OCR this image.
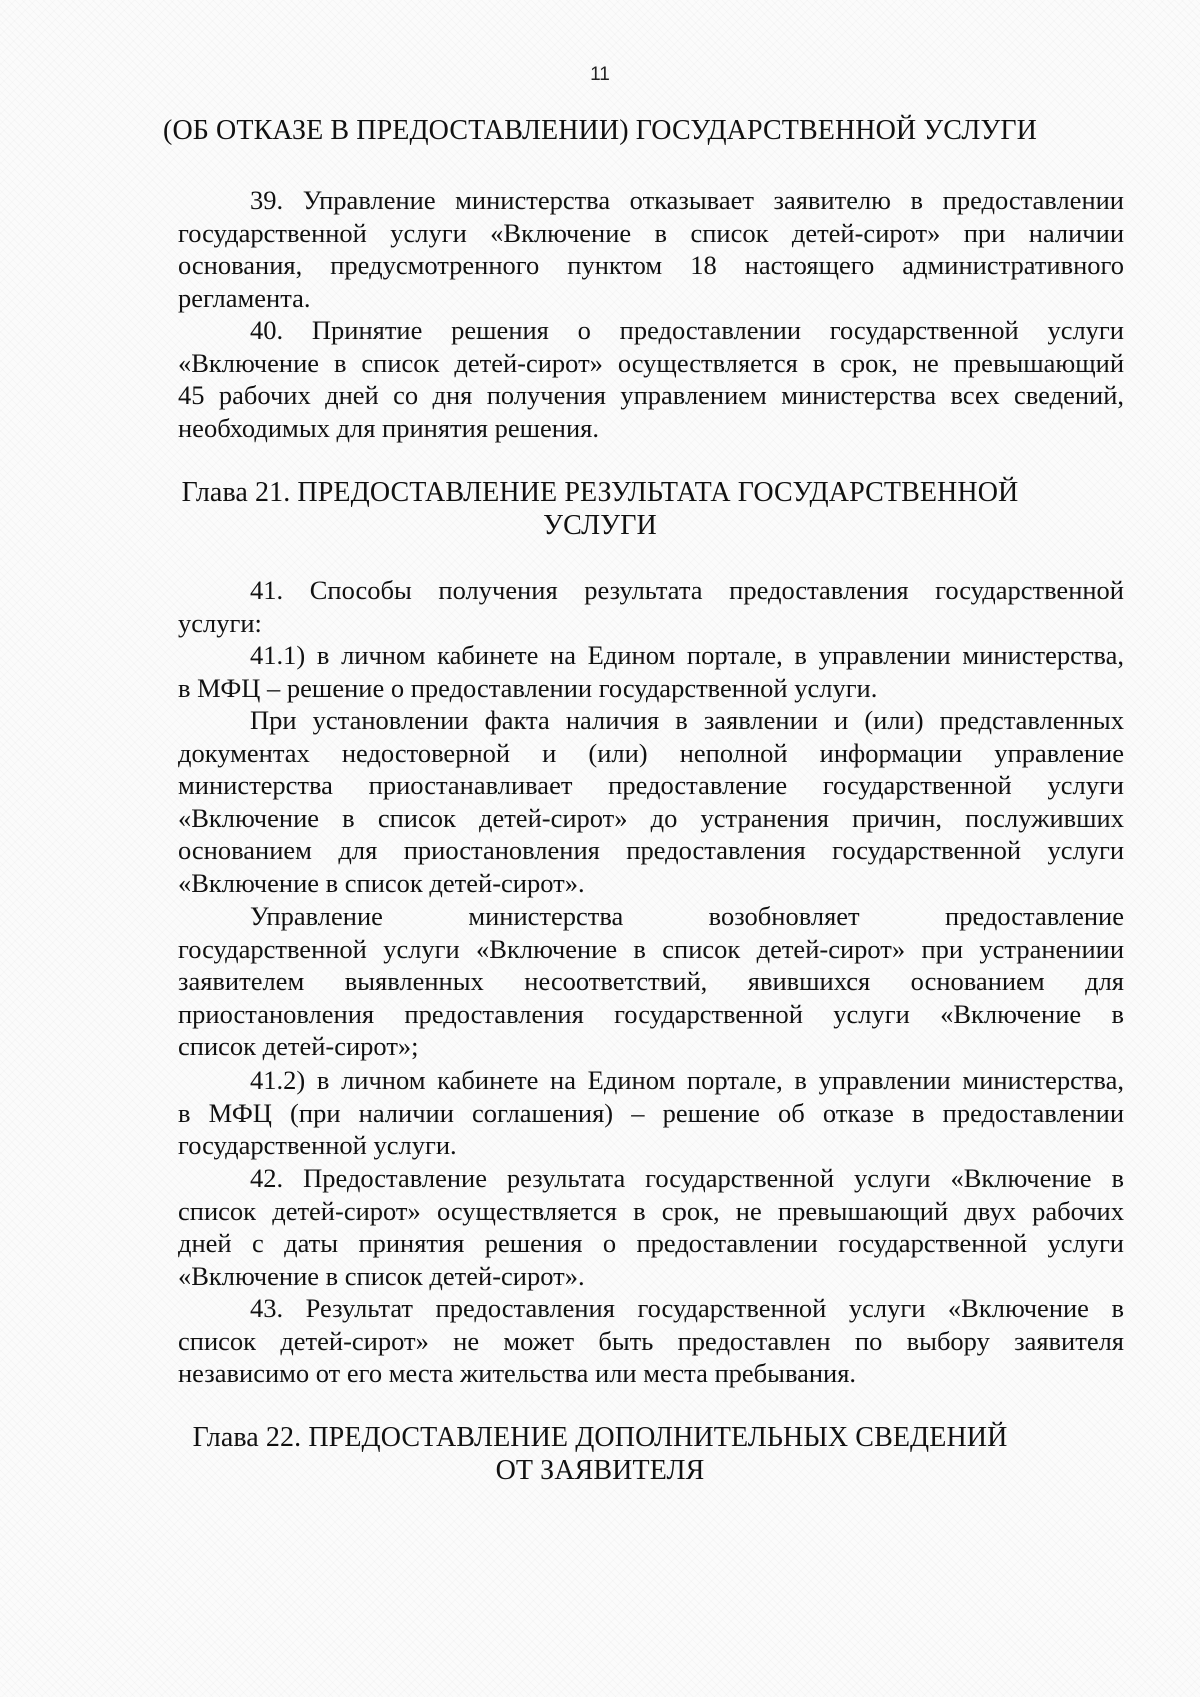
11
(ОБ ОТКАЗЕ В ПРЕДОСТАВЛЕНИИ) ГОСУДАРСТВЕННОЙ УСЛУГИ
39. Управление министерства отказывает заявителю в предоставлении
государственной услуги «Включение в список детей-сирот» при наличии
основания, предусмотренного пунктом 18 настоящего административного
регламента.
40. Принятие решения о предоставлении государственной услуги
«Включение в список детей-сирот» осуществляется в срок, не превышающий
45 рабочих дней со дня получения управлением министерства всех сведений,
необходимых для принятия решения.
Глава 21. ПРЕДОСТАВЛЕНИЕ РЕЗУЛЬТАТА ГОСУДАРСТВЕННОЙ
УСЛУГИ
41. Способы получения результата предоставления государственной
услуги:
41.1) в личном кабинете на Едином портале, в управлении министерства,
в МФЦ – решение о предоставлении государственной услуги.
При установлении факта наличия в заявлении и (или) представленных
документах недостоверной и (или) неполной информации управление
министерства приостанавливает предоставление государственной услуги
«Включение в список детей-сирот» до устранения причин, послуживших
основанием для приостановления предоставления государственной услуги
«Включение в список детей-сирот».
Управление министерства возобновляет предоставление
государственной услуги «Включение в список детей-сирот» при устранениии
заявителем выявленных несоответствий, явившихся основанием для
приостановления предоставления государственной услуги «Включение в
список детей-сирот»;
41.2) в личном кабинете на Едином портале, в управлении министерства,
в МФЦ (при наличии соглашения) – решение об отказе в предоставлении
государственной услуги.
42. Предоставление результата государственной услуги «Включение в
список детей-сирот» осуществляется в срок, не превышающий двух рабочих
дней с даты принятия решения о предоставлении государственной услуги
«Включение в список детей-сирот».
43. Результат предоставления государственной услуги «Включение в
список детей-сирот» не может быть предоставлен по выбору заявителя
независимо от его места жительства или места пребывания.
Глава 22. ПРЕДОСТАВЛЕНИЕ ДОПОЛНИТЕЛЬНЫХ СВЕДЕНИЙ
ОТ ЗАЯВИТЕЛЯ
